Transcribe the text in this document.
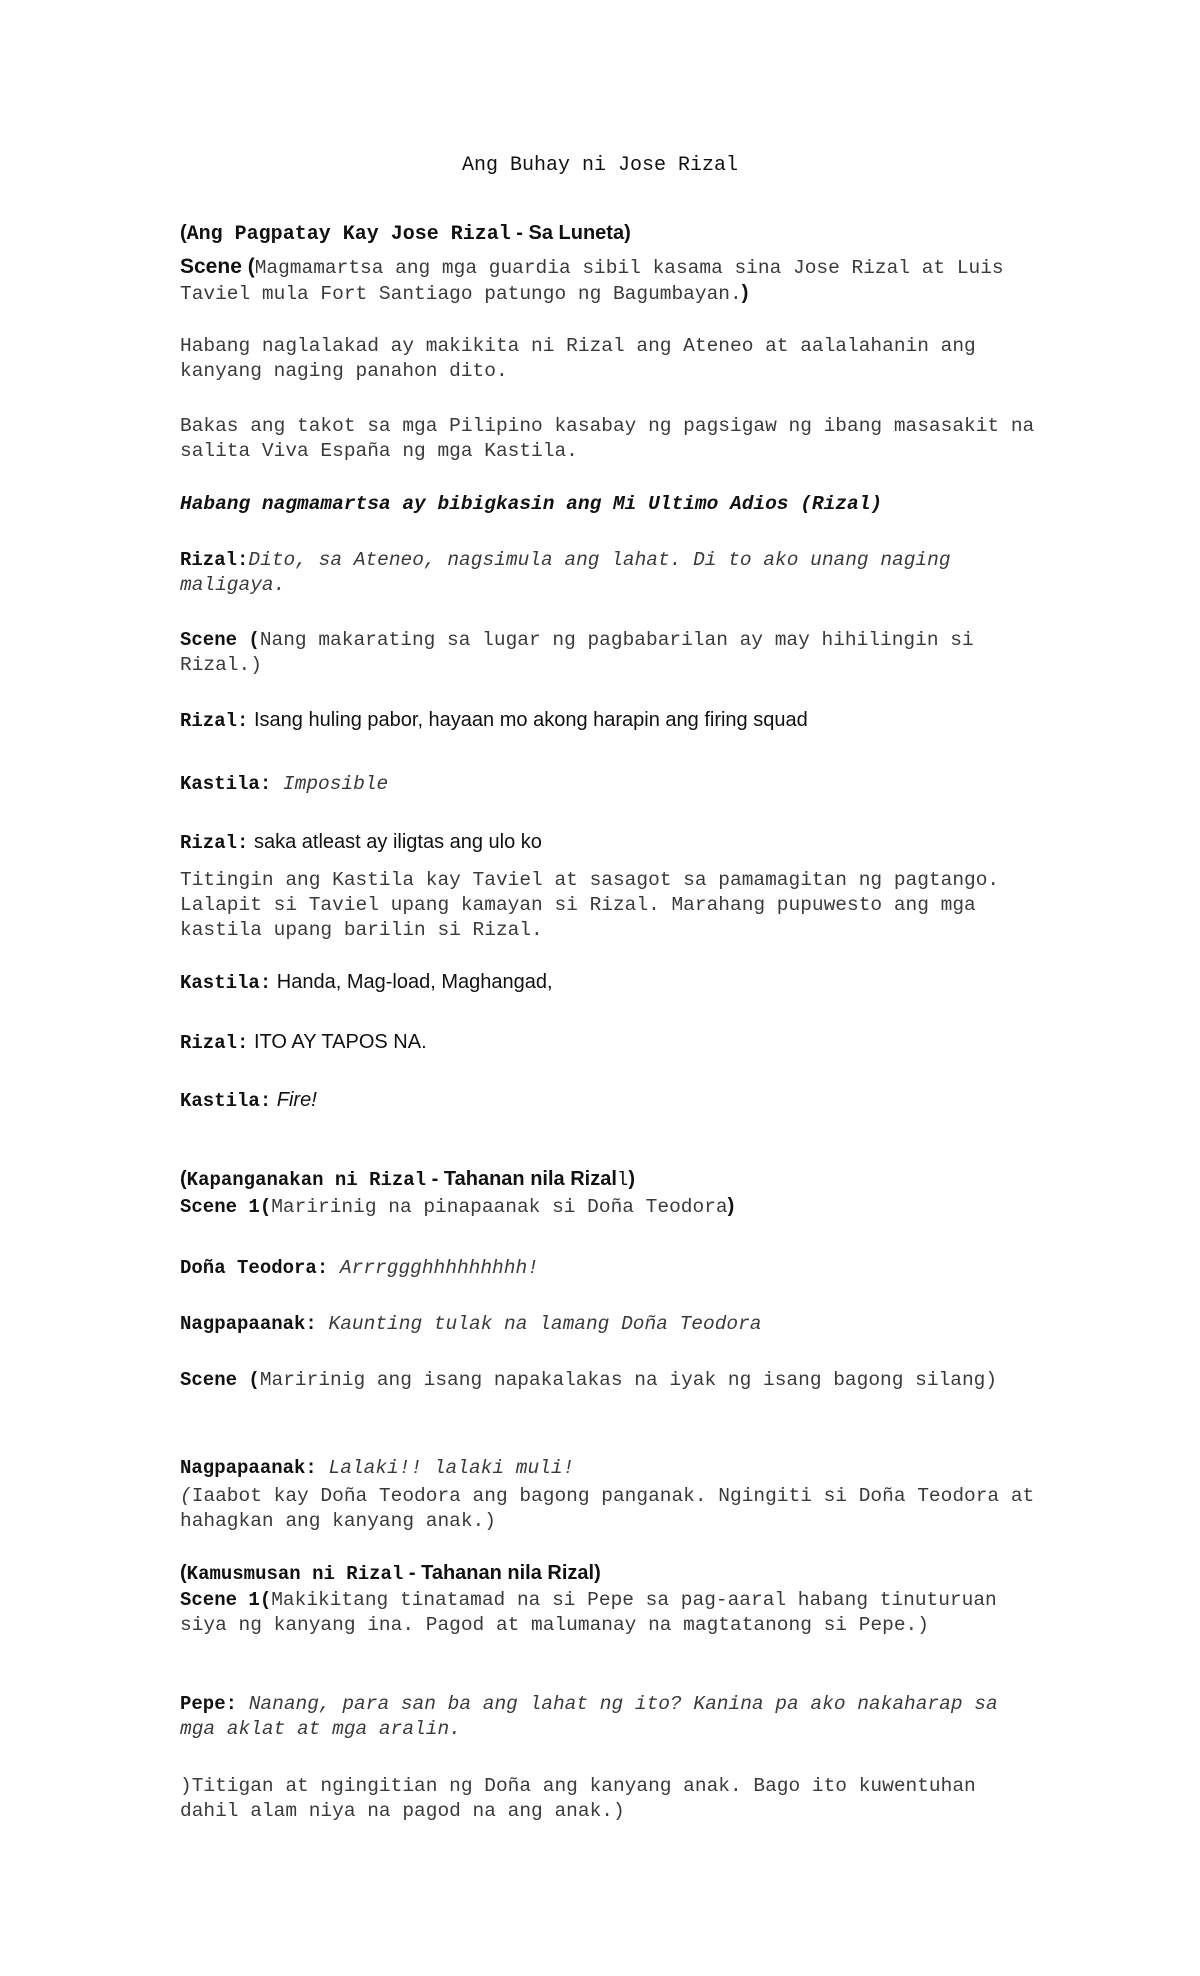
Ang Buhay ni Jose Rizal
(Ang Pagpatay Kay Jose Rizal - Sa Luneta)
Scene (Magmamartsa ang mga guardia sibil kasama sina Jose Rizal at Luis Taviel mula Fort Santiago patungo ng Bagumbayan.)
Habang naglalakad ay makikita ni Rizal ang Ateneo at aalalahanin ang kanyang naging panahon dito.
Bakas ang takot sa mga Pilipino kasabay ng pagsigaw ng ibang masasakit na salita Viva España ng mga Kastila.
Habang nagmamartsa ay bibigkasin ang Mi Ultimo Adios (Rizal)
Rizal:Dito, sa Ateneo, nagsimula ang lahat. Di to ako unang naging maligaya.
Scene (Nang makarating sa lugar ng pagbabarilan ay may hihilingin si Rizal.)
Rizal: Isang huling pabor, hayaan mo akong harapin ang firing squad
Kastila: Imposible
Rizal: saka atleast ay iligtas ang ulo ko
Titingin ang Kastila kay Taviel at sasagot sa pamamagitan ng pagtango. Lalapit si Taviel upang kamayan si Rizal. Marahang pupuwesto ang mga kastila upang barilin si Rizal.
Kastila: Handa, Mag-load, Maghangad,
Rizal: ITO AY TAPOS NA.
Kastila: Fire!
(Kapanganakan ni Rizal - Tahanan nila Rizall)
Scene 1(Maririnig na pinapaanak si Doña Teodora)
Doña Teodora: Arrrggghhhhhhhhh!
Nagpapaanak: Kaunting tulak na lamang Doña Teodora
Scene (Maririnig ang isang napakalakas na iyak ng isang bagong silang)
Nagpapaanak: Lalaki!! lalaki muli!
(Iaabot kay Doña Teodora ang bagong panganak. Ngingiti si Doña Teodora at hahagkan ang kanyang anak.)
(Kamusmusan ni Rizal - Tahanan nila Rizal)
Scene 1(Makikitang tinatamad na si Pepe sa pag-aaral habang tinuturuan siya ng kanyang ina. Pagod at malumanay na magtatanong si Pepe.)
Pepe: Nanang, para san ba ang lahat ng ito? Kanina pa ako nakaharap sa mga aklat at mga aralin.
)Titigan at ngingitian ng Doña ang kanyang anak. Bago ito kuwentuhan dahil alam niya na pagod na ang anak.)
